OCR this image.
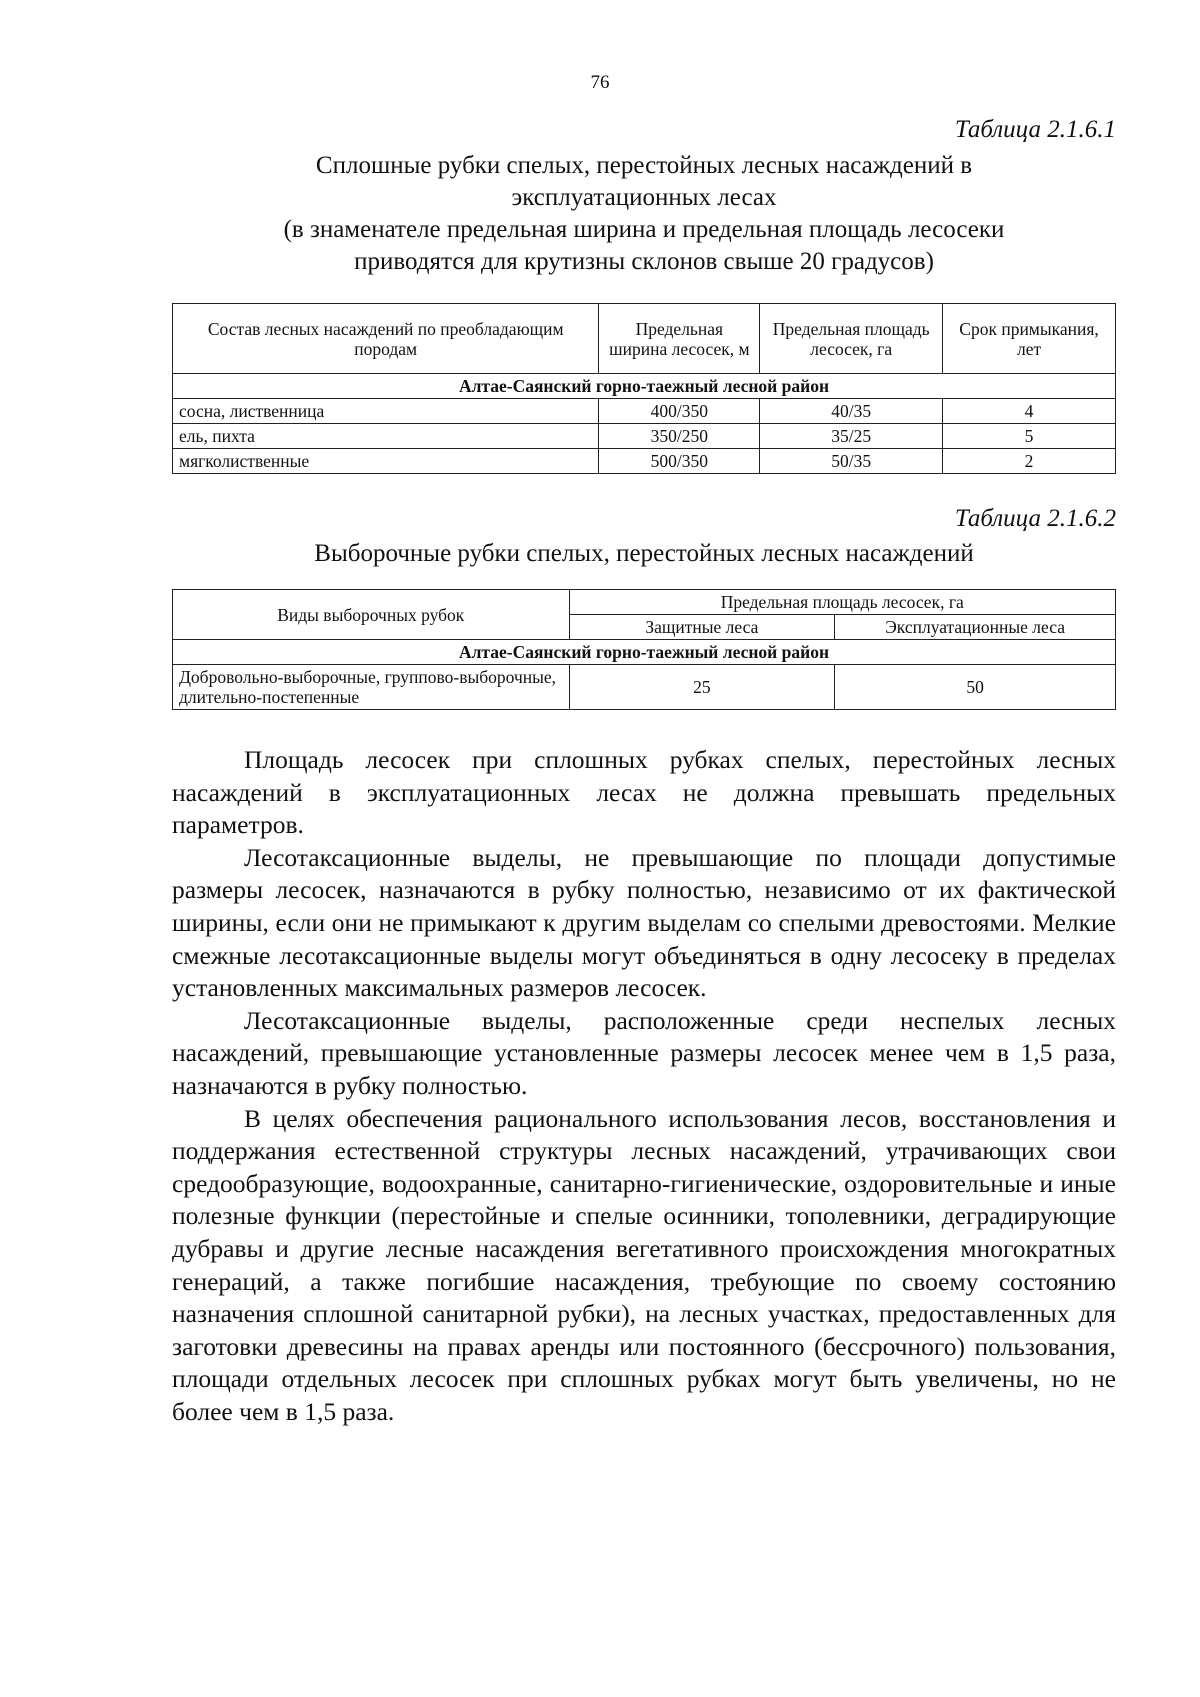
76
Таблица 2.1.6.1
Сплошные рубки спелых, перестойных лесных насаждений в
эксплуатационных лесах
(в знаменателе предельная ширина и предельная площадь лесосеки
приводятся для крутизны склонов свыше 20 градусов)
Состав лесных насаждений по преобладающим породам	Предельная ширина лесосек, м	Предельная площадь лесосек, га	Срок примыкания, лет
Алтае-Саянский горно-таежный лесной район			
сосна, лиственница	400/350	40/35	4
ель, пихта	350/250	35/25	5
мягколиственные	500/350	50/35	2
Таблица 2.1.6.2
Выборочные рубки спелых, перестойных лесных насаждений
Виды выборочных рубок	Предельная площадь лесосек, га	
	Защитные леса	Эксплуатационные леса
Алтае-Саянский горно-таежный лесной район		
Добровольно-выборочные, группово-выборочные, длительно-постепенные	25	50

Площадь лесосек при сплошных рубках спелых, перестойных лесных насаждений в эксплуатационных лесах не должна превышать предельных параметров.

Лесотаксационные выделы, не превышающие по площади допустимые размеры лесосек, назначаются в рубку полностью, независимо от их фактической ширины, если они не примыкают к другим выделам со спелыми древостоями. Мелкие смежные лесотаксационные выделы могут объединяться в одну лесосеку в пределах установленных максимальных размеров лесосек.

Лесотаксационные выделы, расположенные среди неспелых лесных насаждений, превышающие установленные размеры лесосек менее чем в 1,5 раза, назначаются в рубку полностью.

В целях обеспечения рационального использования лесов, восстановления и поддержания естественной структуры лесных насаждений, утрачивающих свои средообразующие, водоохранные, санитарно-гигиенические, оздоровительные и иные полезные функции (перестойные и спелые осинники, тополевники, деградирующие дубравы и другие лесные насаждения вегетативного происхождения многократных генераций, а также погибшие насаждения, требующие по своему состоянию назначения сплошной санитарной рубки), на лесных участках, предоставленных для заготовки древесины на правах аренды или постоянного (бессрочного) пользования, площади отдельных лесосек при сплошных рубках могут быть увеличены, но не более чем в 1,5 раза.
